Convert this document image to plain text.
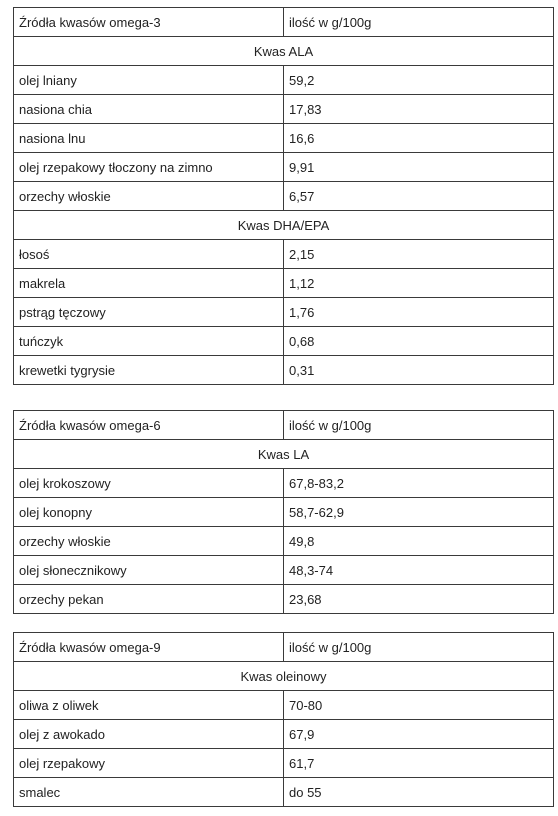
Źródła kwasów omega-3	ilość w g/100g
Kwas ALA	
olej lniany	59,2
nasiona chia	17,83
nasiona lnu	16,6
olej rzepakowy tłoczony na zimno	9,91
orzechy włoskie	6,57
Kwas DHA/EPA	
łosoś	2,15
makrela	1,12
pstrąg tęczowy	1,76
tuńczyk	0,68
krewetki tygrysie	0,31
Źródła kwasów omega-6	ilość w g/100g
Kwas LA	
olej krokoszowy	67,8-83,2
olej konopny	58,7-62,9
orzechy włoskie	49,8
olej słonecznikowy	48,3-74
orzechy pekan	23,68
Źródła kwasów omega-9	ilość w g/100g
Kwas oleinowy	
oliwa z oliwek	70-80
olej z awokado	67,9
olej rzepakowy	61,7
smalec	do 55
